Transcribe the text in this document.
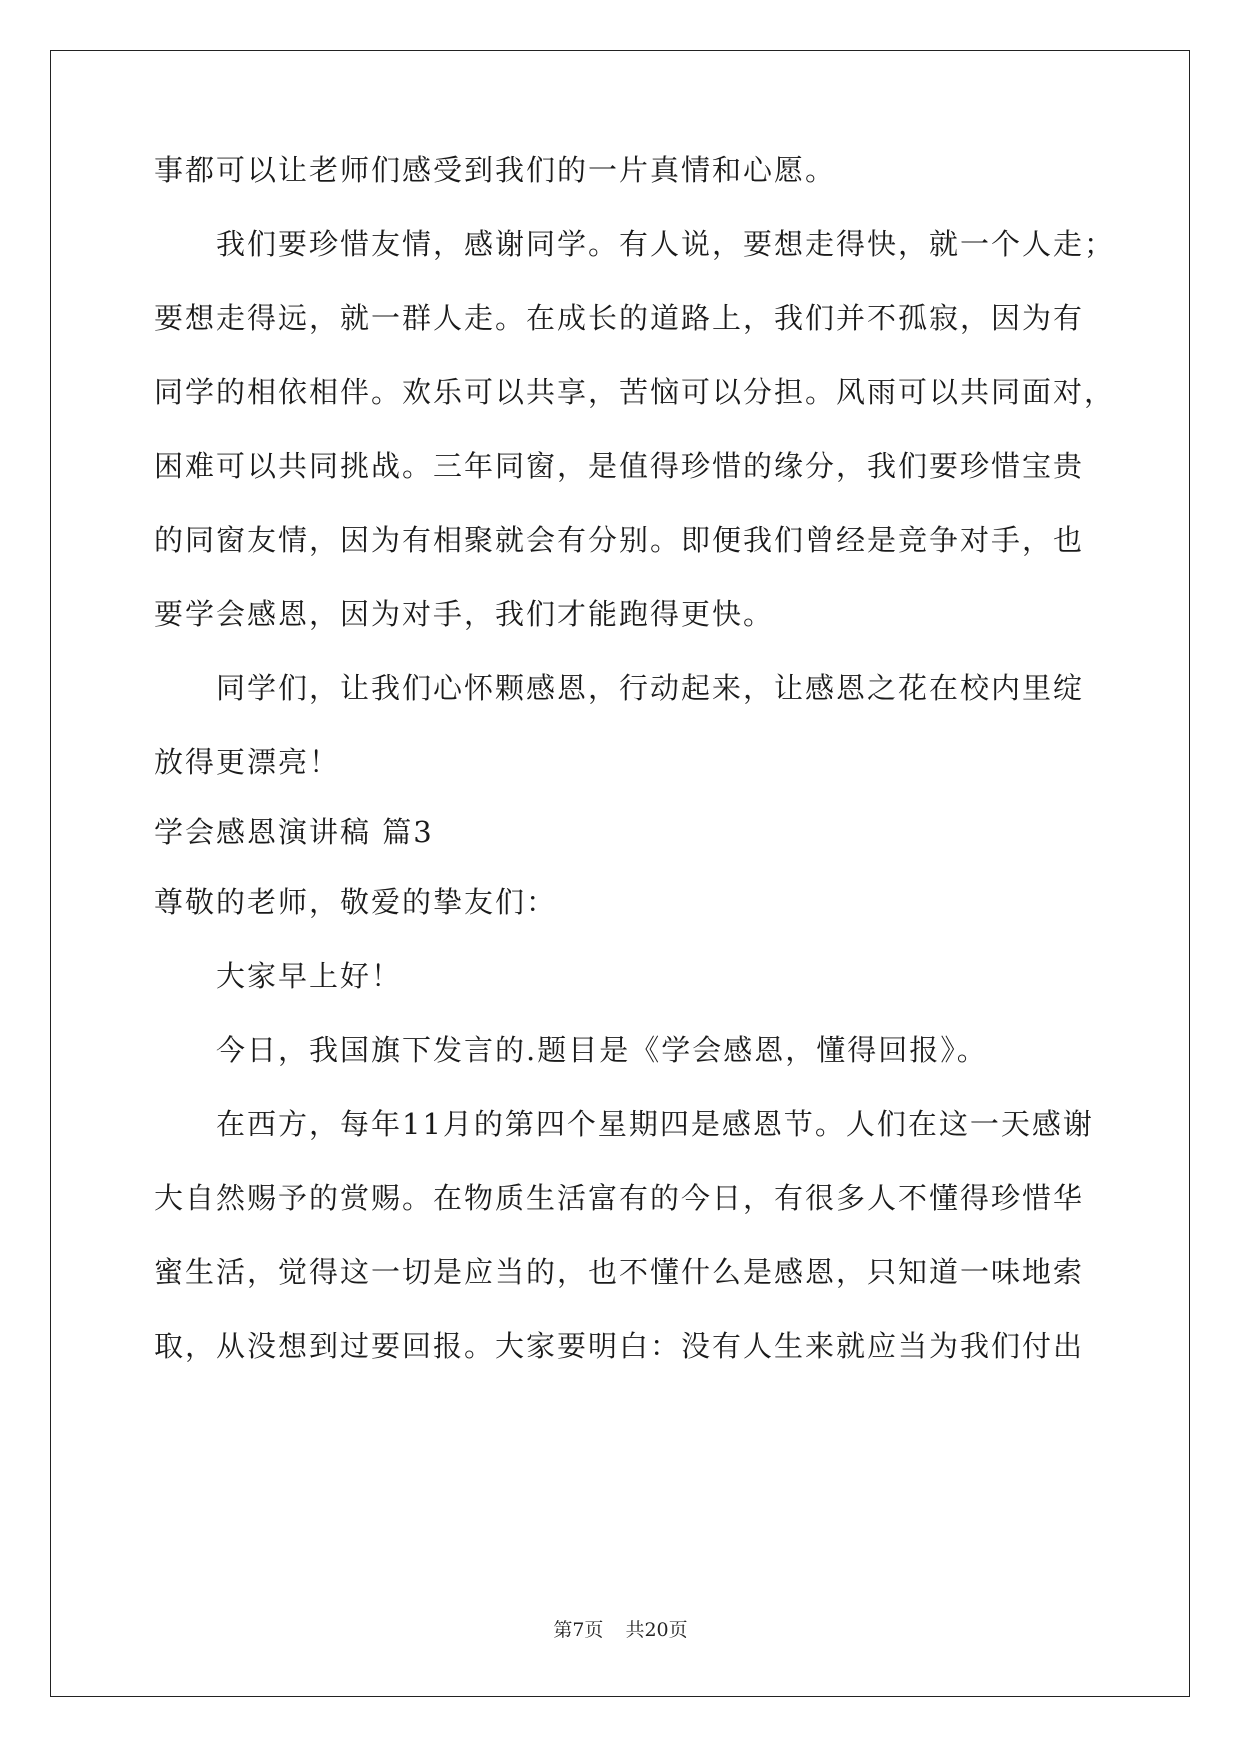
事都可以让老师们感受到我们的一片真情和心愿。
我们要珍惜友情，感谢同学。有人说，要想走得快，就一个人走；
要想走得远，就一群人走。在成长的道路上，我们并不孤寂，因为有
同学的相依相伴。欢乐可以共享，苦恼可以分担。风雨可以共同面对，
困难可以共同挑战。三年同窗，是值得珍惜的缘分，我们要珍惜宝贵
的同窗友情，因为有相聚就会有分别。即便我们曾经是竞争对手，也
要学会感恩，因为对手，我们才能跑得更快。
同学们，让我们心怀颗感恩，行动起来，让感恩之花在校内里绽
放得更漂亮！
学会感恩演讲稿 篇3
尊敬的老师，敬爱的挚友们：
大家早上好！
今日，我国旗下发言的.题目是《学会感恩，懂得回报》。
在西方，每年11月的第四个星期四是感恩节。人们在这一天感谢
大自然赐予的赏赐。在物质生活富有的今日，有很多人不懂得珍惜华
蜜生活，觉得这一切是应当的，也不懂什么是感恩，只知道一味地索
取，从没想到过要回报。大家要明白：没有人生来就应当为我们付出
第7页 共20页
